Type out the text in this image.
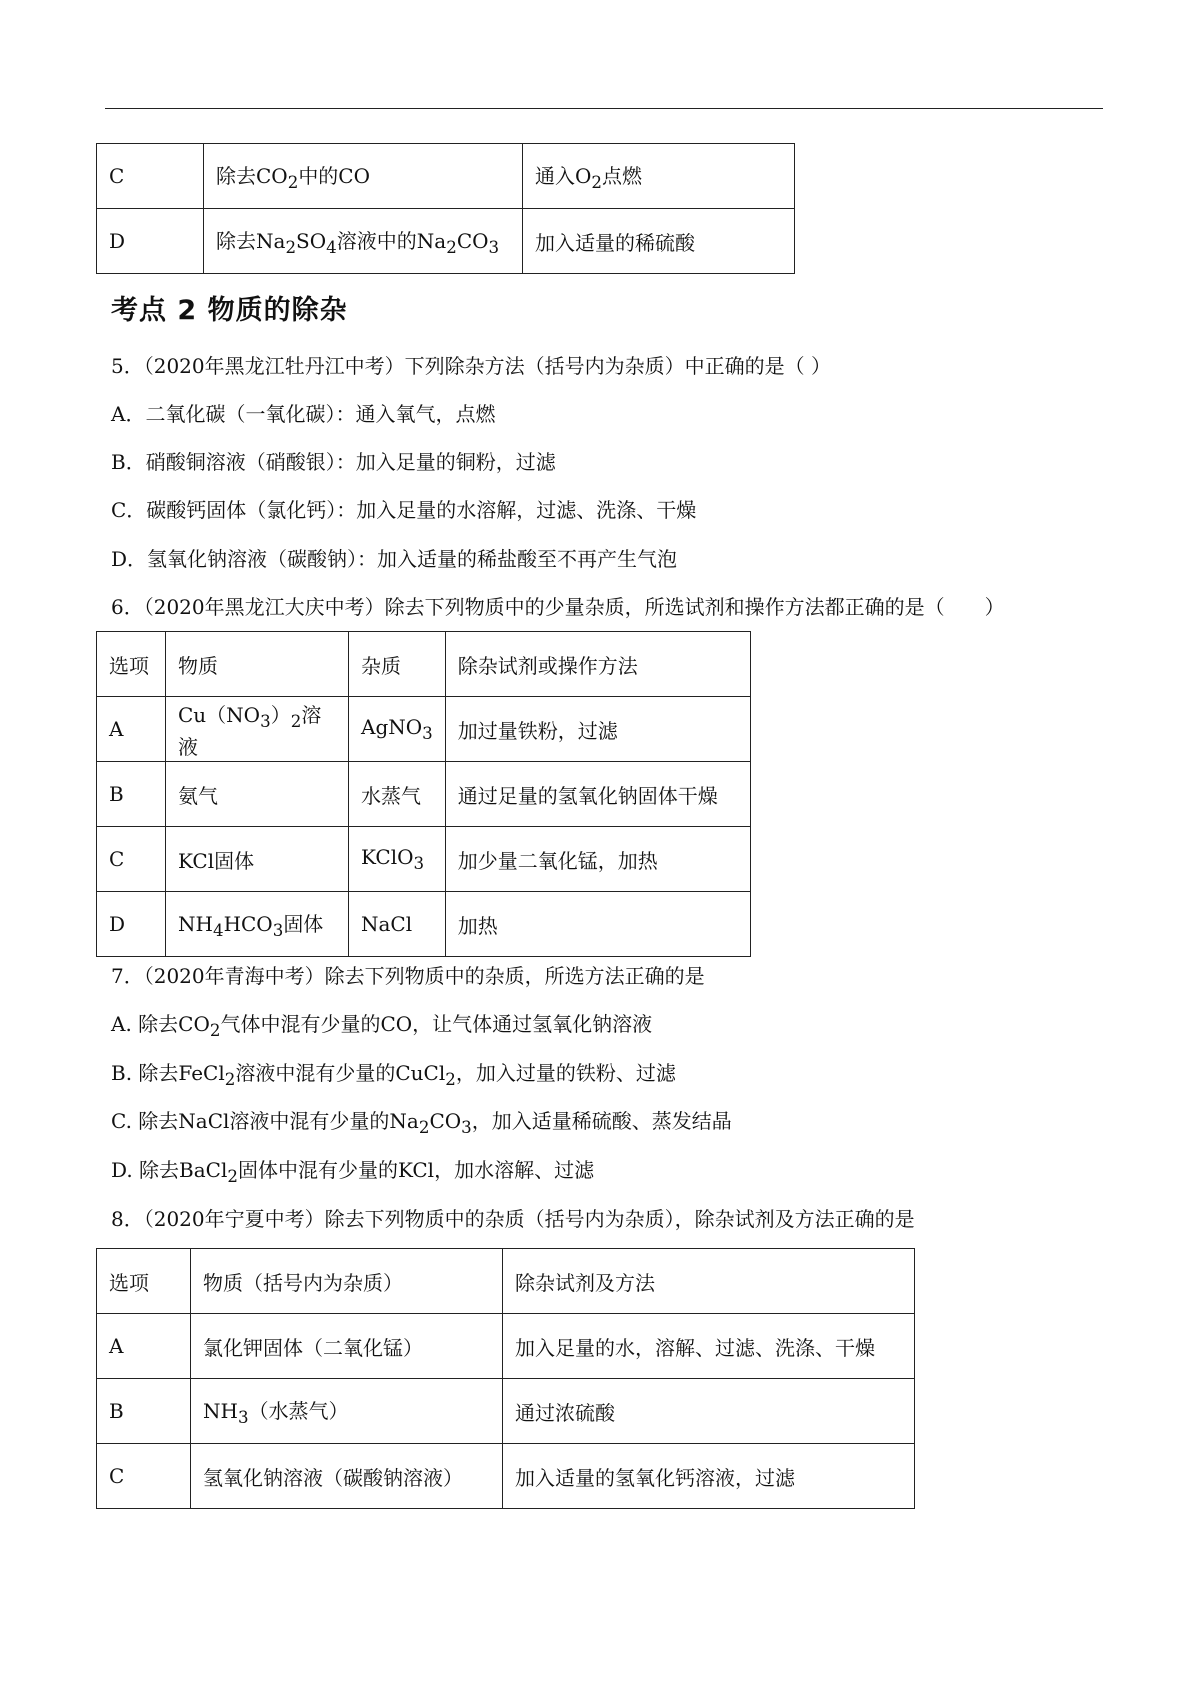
C	除去$CO_2$中的CO	通入$O_2$点燃
D	除去$Na_2SO_4$溶液中的$Na_2CO_3$	加入适量的稀硫酸
考点 2 物质的除杂

5．（2020年黑龙江牡丹江中考）下列除杂方法（括号内为杂质）中正确的是（ ）

A．二氧化碳（一氧化碳）：通入氧气，点燃

B．硝酸铜溶液（硝酸银）：加入足量的铜粉，过滤

C．碳酸钙固体（氯化钙）：加入足量的水溶解，过滤、洗涤、干燥

D．氢氧化钠溶液（碳酸钠）：加入适量的稀盐酸至不再产生气泡

6．（2020年黑龙江大庆中考）除去下列物质中的少量杂质，所选试剂和操作方法都正确的是（　　）

选项	物质	杂质	除杂试剂或操作方法
A	$Cu(NO_3)_2$溶液	AgNO$_3$	加过量铁粉，过滤
B	氨气	水蒸气	通过足量的氢氧化钠固体干燥
C	KCl固体	KClO$_3$	加少量二氧化锰，加热
D	$NH_4HCO_3$固体	NaCl	加热

7．（2020年青海中考）除去下列物质中的杂质，所选方法正确的是

A. 除去$CO_2$气体中混有少量的CO，让气体通过氢氧化钠溶液

B. 除去FeCl$_2$溶液中混有少量的CuCl$_2$，加入过量的铁粉、过滤

C. 除去NaCl溶液中混有少量的$Na_2CO_3$，加入适量稀硫酸、蒸发结晶

D. 除去BaCl$_2$固体中混有少量的KCl，加水溶解、过滤

8．（2020年宁夏中考）除去下列物质中的杂质（括号内为杂质），除杂试剂及方法正确的是

选项	物质（括号内为杂质）	除杂试剂及方法
A	氯化钾固体（二氧化锰）	加入足量的水，溶解、过滤、洗涤、干燥
B	$NH_3$（水蒸气）	通过浓硫酸
C	氢氧化钠溶液（碳酸钠溶液）	加入适量的氢氧化钙溶液，过滤
